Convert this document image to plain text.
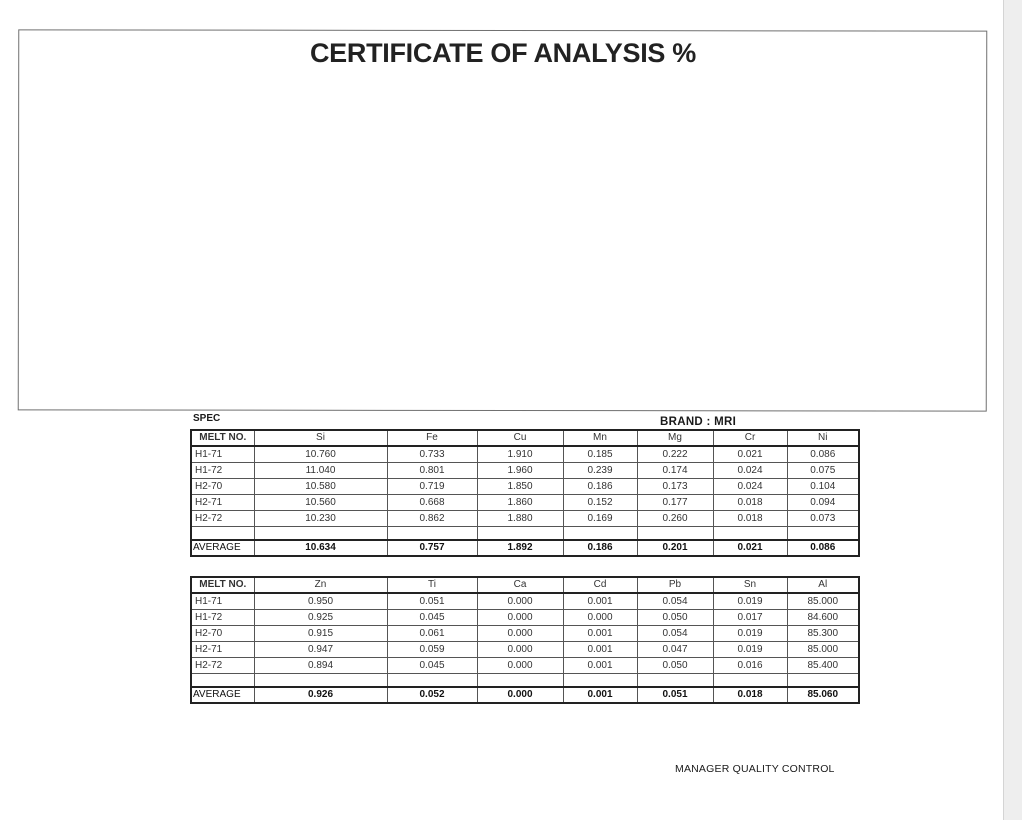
CERTIFICATE OF ANALYSIS %
SPEC	BRAND : MRI
MELT NO.	Si	Fe	Cu	Mn	Mg	Cr	Ni
H1-71	10.760	0.733	1.910	0.185	0.222	0.021	0.086
H1-72	11.040	0.801	1.960	0.239	0.174	0.024	0.075
H2-70	10.580	0.719	1.850	0.186	0.173	0.024	0.104
H2-71	10.560	0.668	1.860	0.152	0.177	0.018	0.094
H2-72	10.230	0.862	1.880	0.169	0.260	0.018	0.073

AVERAGE	10.634	0.757	1.892	0.186	0.201	0.021	0.086
MELT NO.	Zn	Ti	Ca	Cd	Pb	Sn	Al
H1-71	0.950	0.051	0.000	0.001	0.054	0.019	85.000
H1-72	0.925	0.045	0.000	0.000	0.050	0.017	84.600
H2-70	0.915	0.061	0.000	0.001	0.054	0.019	85.300
H2-71	0.947	0.059	0.000	0.001	0.047	0.019	85.000
H2-72	0.894	0.045	0.000	0.001	0.050	0.016	85.400

AVERAGE	0.926	0.052	0.000	0.001	0.051	0.018	85.060
MANAGER QUALITY CONTROL
